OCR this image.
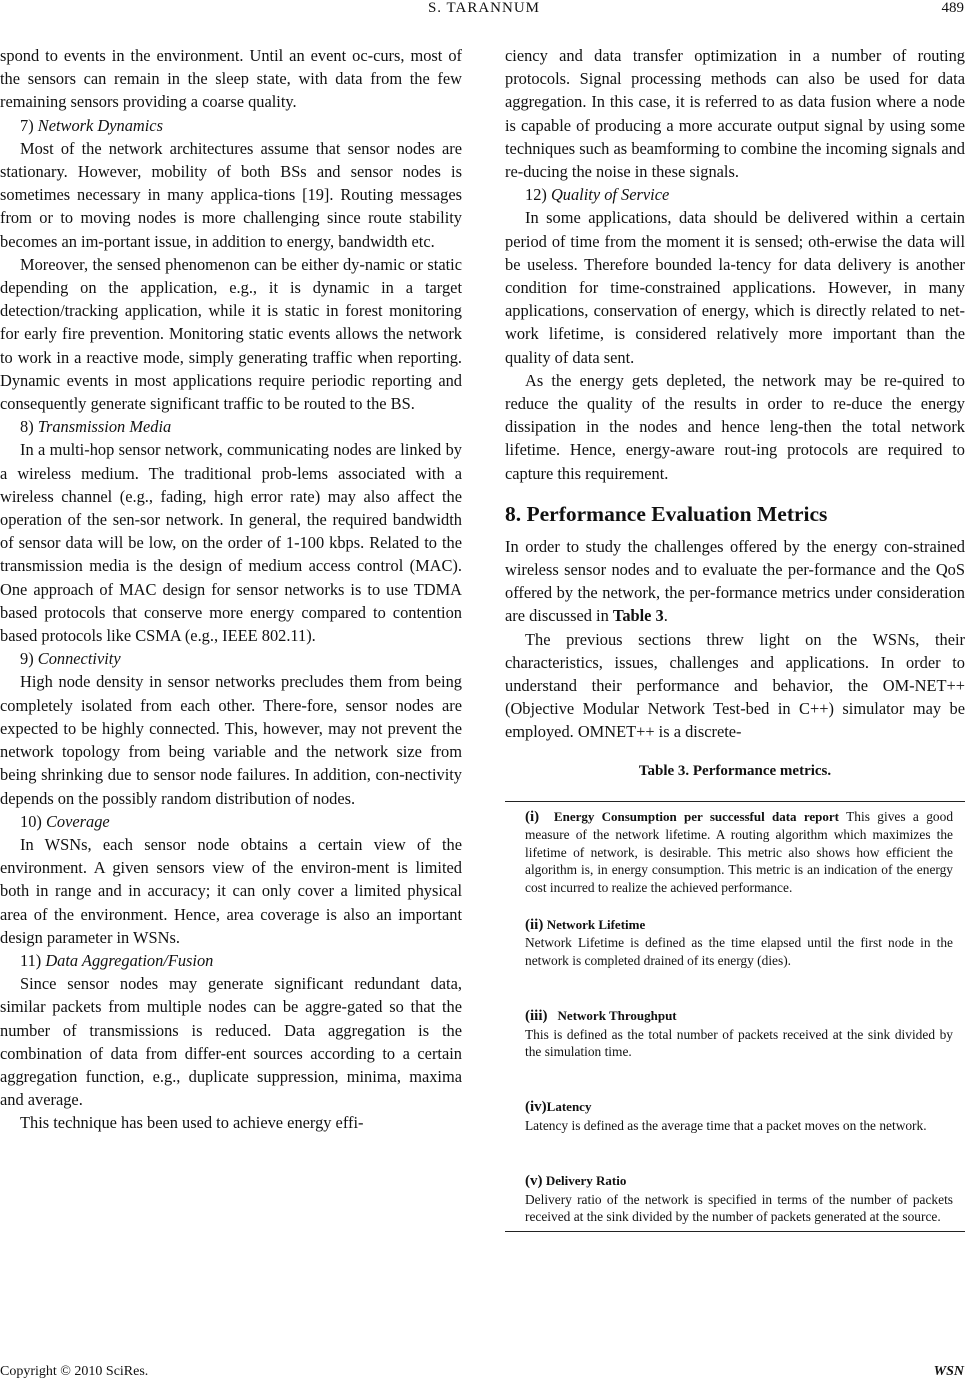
S. TARANNUM	489

spond to events in the environment. Until an event oc-curs, most of the sensors can remain in the sleep state, with data from the few remaining sensors providing a coarse quality.

7) Network Dynamics

Most of the network architectures assume that sensor nodes are stationary. However, mobility of both BSs and sensor nodes is sometimes necessary in many applica-tions [19]. Routing messages from or to moving nodes is more challenging since route stability becomes an im-portant issue, in addition to energy, bandwidth etc.

Moreover, the sensed phenomenon can be either dy-namic or static depending on the application, e.g., it is dynamic in a target detection/tracking application, while it is static in forest monitoring for early fire prevention. Monitoring static events allows the network to work in a reactive mode, simply generating traffic when reporting. Dynamic events in most applications require periodic reporting and consequently generate significant traffic to be routed to the BS.

8) Transmission Media

In a multi-hop sensor network, communicating nodes are linked by a wireless medium. The traditional prob-lems associated with a wireless channel (e.g., fading, high error rate) may also affect the operation of the sen-sor network. In general, the required bandwidth of sensor data will be low, on the order of 1-100 kbps. Related to the transmission media is the design of medium access control (MAC). One approach of MAC design for sensor networks is to use TDMA based protocols that conserve more energy compared to contention based protocols like CSMA (e.g., IEEE 802.11).

9) Connectivity

High node density in sensor networks precludes them from being completely isolated from each other. There-fore, sensor nodes are expected to be highly connected. This, however, may not prevent the network topology from being variable and the network size from being shrinking due to sensor node failures. In addition, con-nectivity depends on the possibly random distribution of nodes.

10) Coverage

In WSNs, each sensor node obtains a certain view of the environment. A given sensors view of the environ-ment is limited both in range and in accuracy; it can only cover a limited physical area of the environment. Hence, area coverage is also an important design parameter in WSNs.

11) Data Aggregation/Fusion

Since sensor nodes may generate significant redundant data, similar packets from multiple nodes can be aggre-gated so that the number of transmissions is reduced. Data aggregation is the combination of data from differ-ent sources according to a certain aggregation function, e.g., duplicate suppression, minima, maxima and average.

This technique has been used to achieve energy effi-

ciency and data transfer optimization in a number of routing protocols. Signal processing methods can also be used for data aggregation. In this case, it is referred to as data fusion where a node is capable of producing a more accurate output signal by using some techniques such as beamforming to combine the incoming signals and re-ducing the noise in these signals.

12) Quality of Service

In some applications, data should be delivered within a certain period of time from the moment it is sensed; oth-erwise the data will be useless. Therefore bounded la-tency for data delivery is another condition for time-constrained applications. However, in many applications, conservation of energy, which is directly related to net-work lifetime, is considered relatively more important than the quality of data sent.

As the energy gets depleted, the network may be re-quired to reduce the quality of the results in order to re-duce the energy dissipation in the nodes and hence leng-then the total network lifetime. Hence, energy-aware rout-ing protocols are required to capture this requirement.

8. Performance Evaluation Metrics

In order to study the challenges offered by the energy con-strained wireless sensor nodes and to evaluate the per-formance and the QoS offered by the network, the per-formance metrics under consideration are discussed in Table 3.

The previous sections threw light on the WSNs, their characteristics, issues, challenges and applications. In order to understand their performance and behavior, the OM-NET++ (Objective Modular Network Test-bed in C++) simulator may be employed. OMNET++ is a discrete-

Table 3. Performance metrics.
(i) Energy Consumption per successful data report This gives a good measure of the network lifetime. A routing algorithm which maximizes the lifetime of network, is desirable. This metric also shows how efficient the algorithm is, in energy consumption. This metric is an indication of the energy cost incurred to realize the achieved performance.
(ii) Network Lifetime
Network Lifetime is defined as the time elapsed until the first node in the network is completed drained of its energy (dies).
(iii) Network Throughput
This is defined as the total number of packets received at the sink divided by the simulation time.
(iv)Latency
Latency is defined as the average time that a packet moves on the network.
(v) Delivery Ratio
Delivery ratio of the network is specified in terms of the number of packets received at the sink divided by the number of packets generated at the source.
Copyright © 2010 SciRes.	WSN
